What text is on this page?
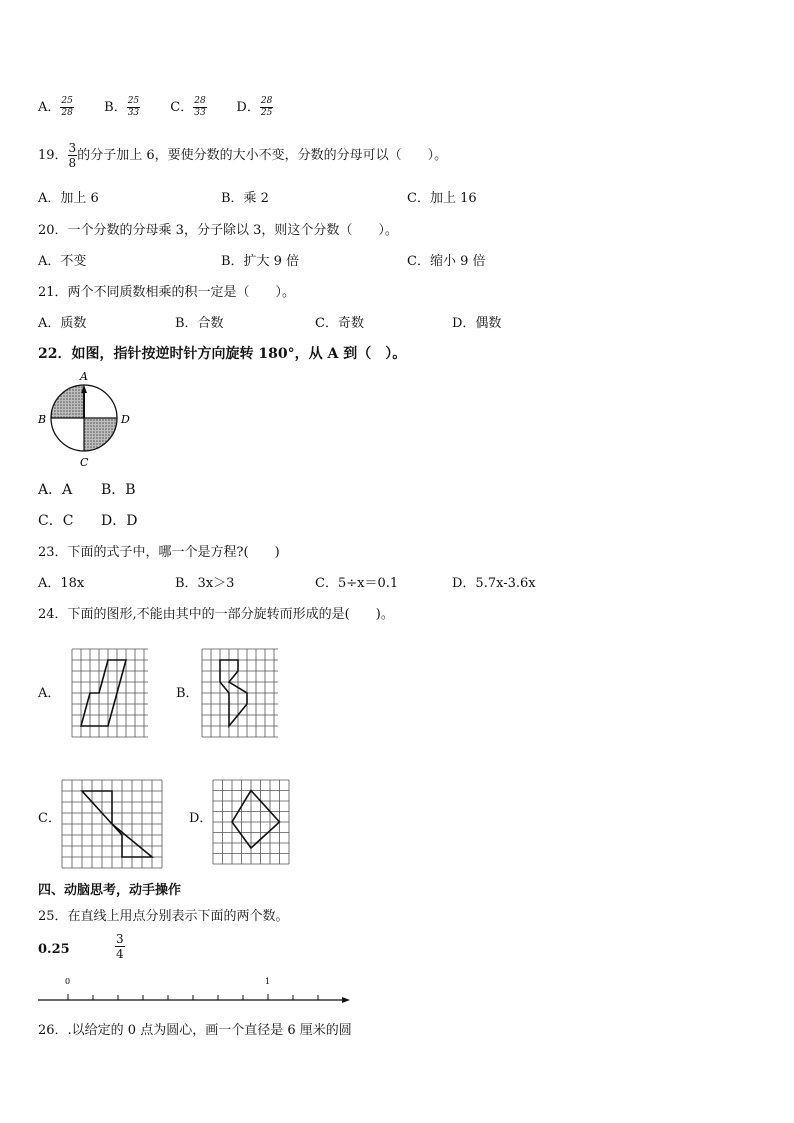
A． $\frac{25}{28}$ B． $\frac{25}{33}$ C． $\frac{28}{33}$ D． $\frac{28}{25}$
19． $\frac{3}{8}$ 的分子加上 6，要使分数的大小不变，分数的分母可以（　　）。
A．加上 6	B．乘 2	C．加上 16
20．一个分数的分母乘 3，分子除以 3，则这个分数（　　）。
A．不变	B．扩大 9 倍	C．缩小 9 倍
21．两个不同质数相乘的积一定是（　　）。
A．质数	B．合数	C．奇数	D．偶数
22．如图，指针按逆时针方向旋转 180°，从 A 到（　）。
A
B	D
C
A．A B．B
C．C D．D
23．下面的式子中，哪一个是方程?(　　)
A．18x	B．3x＞3	C．5÷x＝0.1	D．5.7x-3.6x
24．下面的图形,不能由其中的一部分旋转而形成的是(　　)。
A．	B．
C．	D．
四、动脑思考，动手操作
25．在直线上用点分别表示下面的两个数。
0.25	$\frac{3}{4}$
0	1
26．.以给定的 0 点为圆心，画一个直径是 6 厘米的圆
